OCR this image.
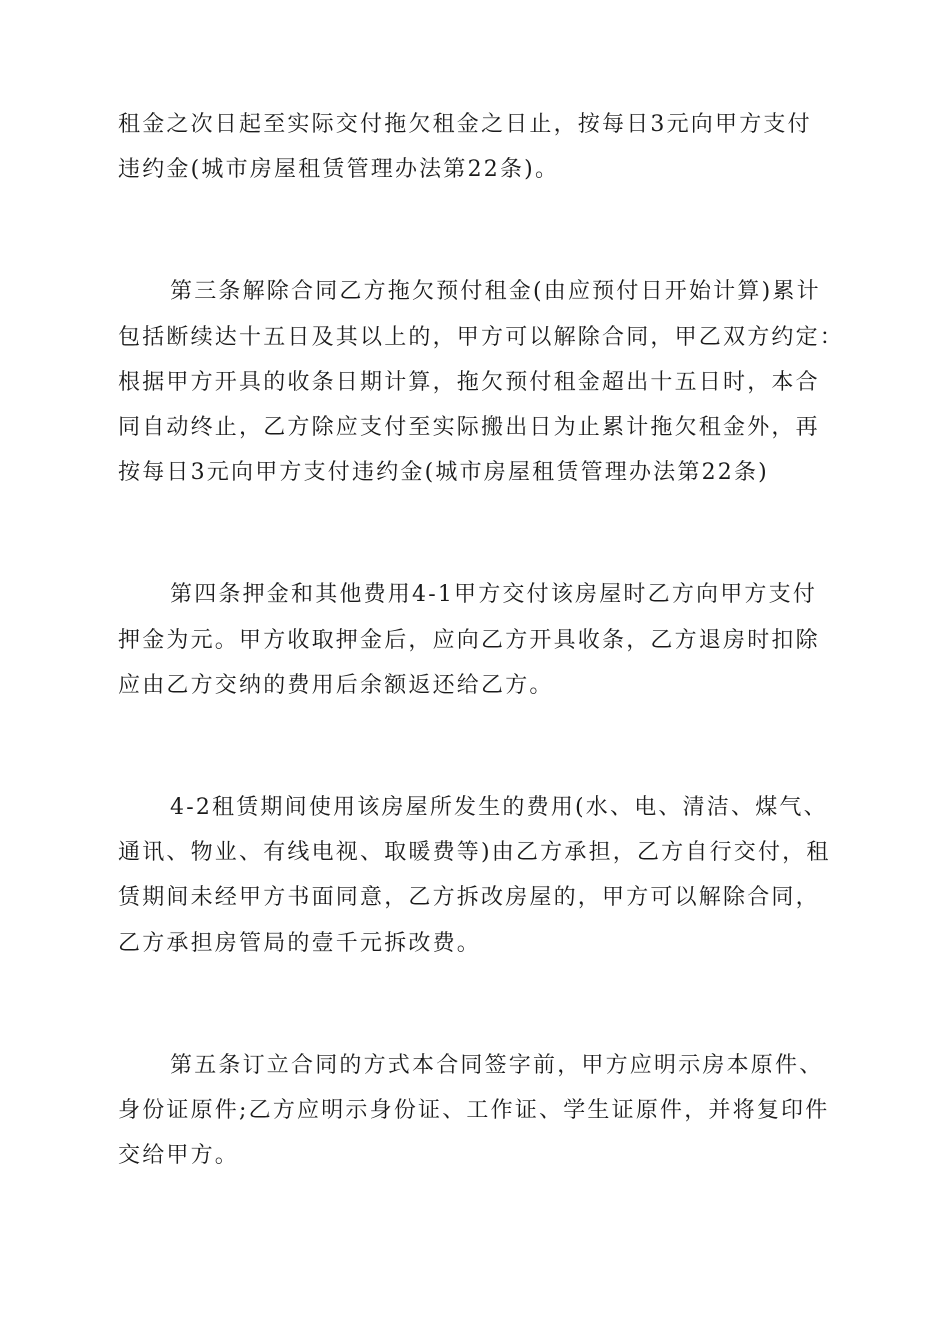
租金之次日起至实际交付拖欠租金之日止，按每日3元向甲方支付
违约金(城市房屋租赁管理办法第22条)。

第三条解除合同乙方拖欠预付租金(由应预付日开始计算)累计
包括断续达十五日及其以上的，甲方可以解除合同，甲乙双方约定：
根据甲方开具的收条日期计算，拖欠预付租金超出十五日时，本合
同自动终止，乙方除应支付至实际搬出日为止累计拖欠租金外，再
按每日3元向甲方支付违约金(城市房屋租赁管理办法第22条)

第四条押金和其他费用4-1甲方交付该房屋时乙方向甲方支付
押金为元。甲方收取押金后，应向乙方开具收条，乙方退房时扣除
应由乙方交纳的费用后余额返还给乙方。

4-2租赁期间使用该房屋所发生的费用(水、电、清洁、煤气、
通讯、物业、有线电视、取暖费等)由乙方承担，乙方自行交付，租
赁期间未经甲方书面同意，乙方拆改房屋的，甲方可以解除合同，
乙方承担房管局的壹千元拆改费。

第五条订立合同的方式本合同签字前，甲方应明示房本原件、
身份证原件;乙方应明示身份证、工作证、学生证原件，并将复印件
交给甲方。
